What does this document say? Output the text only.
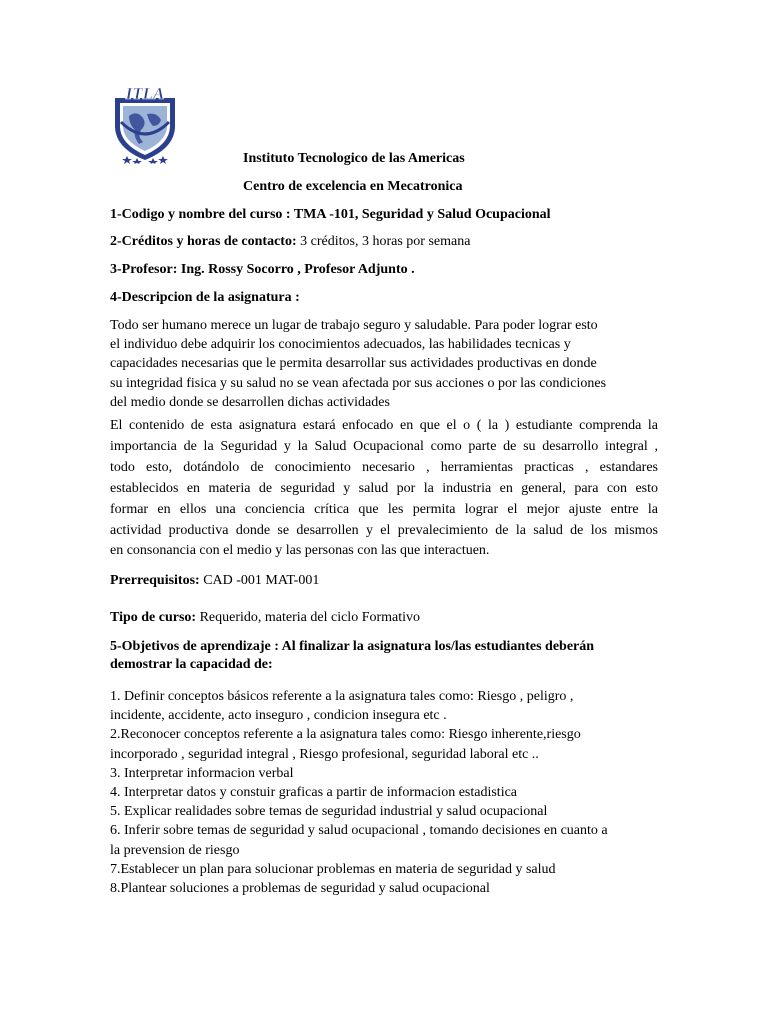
ITLA
Instituto Tecnologico de las Americas
Centro de excelencia en Mecatronica
1-Codigo y nombre del curso : TMA -101, Seguridad y Salud Ocupacional
2-Créditos y horas de contacto: 3 créditos, 3 horas por semana
3-Profesor: Ing. Rossy Socorro , Profesor Adjunto .
4-Descripcion de la asignatura :
Todo ser humano merece un lugar de trabajo seguro y saludable. Para poder lograr esto
el individuo debe adquirir los conocimientos adecuados, las habilidades tecnicas y
capacidades necesarias que le permita desarrollar sus actividades productivas en donde
su integridad fisica y su salud no se vean afectada por sus acciones o por las condiciones
del medio donde se desarrollen dichas actividades
El contenido de esta asignatura estará enfocado en que el o ( la ) estudiante comprenda la
importancia de la Seguridad y la Salud Ocupacional como parte de su desarrollo integral ,
todo esto, dotándolo de conocimiento necesario , herramientas practicas , estandares
establecidos en materia de seguridad y salud por la industria en general, para con esto
formar en ellos una conciencia crítica que les permita lograr el mejor ajuste entre la
actividad productiva donde se desarrollen y el prevalecimiento de la salud de los mismos
en consonancia con el medio y las personas con las que interactuen.
Prerrequisitos: CAD -001 MAT-001
Tipo de curso: Requerido, materia del ciclo Formativo
5-Objetivos de aprendizaje : Al finalizar la asignatura los/las estudiantes deberán
demostrar la capacidad de:
1. Definir conceptos básicos referente a la asignatura tales como: Riesgo , peligro ,
incidente, accidente, acto inseguro , condicion insegura etc .
2.Reconocer conceptos referente a la asignatura tales como: Riesgo inherente,riesgo
incorporado , seguridad integral , Riesgo profesional, seguridad laboral etc ..
3. Interpretar informacion verbal
4. Interpretar datos y constuir graficas a partir de informacion estadistica
5. Explicar realidades sobre temas de seguridad industrial y salud ocupacional
6. Inferir sobre temas de seguridad y salud ocupacional , tomando decisiones en cuanto a
la prevension de riesgo
7.Establecer un plan para solucionar problemas en materia de seguridad y salud
8.Plantear soluciones a problemas de seguridad y salud ocupacional
